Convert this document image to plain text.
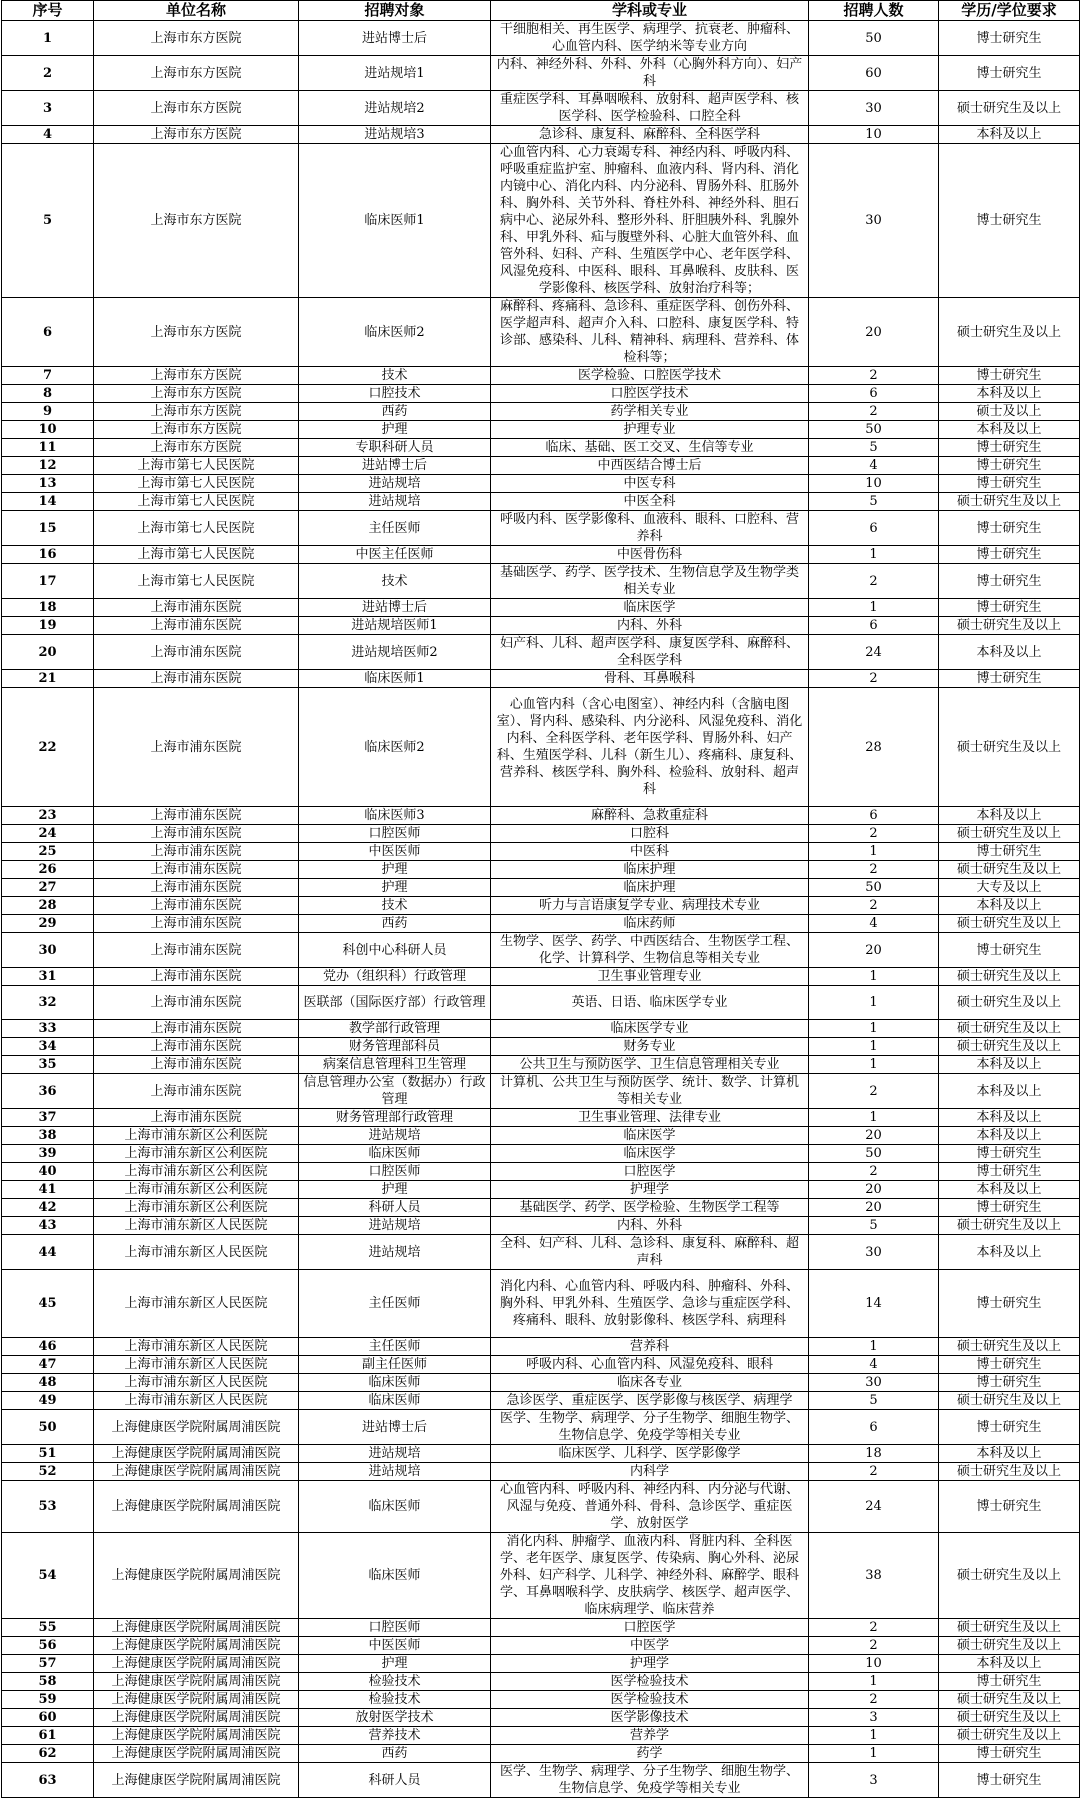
序号	单位名称	招聘对象	学科或专业	招聘人数	学历/学位要求
1	上海市东方医院	进站博士后	干细胞相关、再生医学、病理学、抗衰老、肿瘤科、心血管内科、医学纳米等专业方向	50	博士研究生
2	上海市东方医院	进站规培1	内科、神经外科、外科、外科（心胸外科方向）、妇产科	60	博士研究生
3	上海市东方医院	进站规培2	重症医学科、耳鼻咽喉科、放射科、超声医学科、核医学科、医学检验科、口腔全科	30	硕士研究生及以上
4	上海市东方医院	进站规培3	急诊科、康复科、麻醉科、全科医学科	10	本科及以上
5	上海市东方医院	临床医师1	心血管内科、心力衰竭专科、神经内科、呼吸内科、呼吸重症监护室、肿瘤科、血液内科、肾内科、消化内镜中心、消化内科、内分泌科、胃肠外科、肛肠外科、胸外科、关节外科、脊柱外科、神经外科、胆石病中心、泌尿外科、整形外科、肝胆胰外科、乳腺外科、甲乳外科、疝与腹壁外科、心脏大血管外科、血管外科、妇科、产科、生殖医学中心、老年医学科、风湿免疫科、中医科、眼科、耳鼻喉科、皮肤科、医学影像科、核医学科、放射治疗科等；	30	博士研究生
6	上海市东方医院	临床医师2	麻醉科、疼痛科、急诊科、重症医学科、创伤外科、医学超声科、超声介入科、口腔科、康复医学科、特诊部、感染科、儿科、精神科、病理科、营养科、体检科等；	20	硕士研究生及以上
7	上海市东方医院	技术	医学检验、口腔医学技术	2	博士研究生
8	上海市东方医院	口腔技术	口腔医学技术	6	本科及以上
9	上海市东方医院	西药	药学相关专业	2	硕士及以上
10	上海市东方医院	护理	护理专业	50	本科及以上
11	上海市东方医院	专职科研人员	临床、基础、医工交叉、生信等专业	5	博士研究生
12	上海市第七人民医院	进站博士后	中西医结合博士后	4	博士研究生
13	上海市第七人民医院	进站规培	中医专科	10	博士研究生
14	上海市第七人民医院	进站规培	中医全科	5	硕士研究生及以上
15	上海市第七人民医院	主任医师	呼吸内科、医学影像科、血液科、眼科、口腔科、营养科	6	博士研究生
16	上海市第七人民医院	中医主任医师	中医骨伤科	1	博士研究生
17	上海市第七人民医院	技术	基础医学、药学、医学技术、生物信息学及生物学类相关专业	2	博士研究生
18	上海市浦东医院	进站博士后	临床医学	1	博士研究生
19	上海市浦东医院	进站规培医师1	内科、外科	6	硕士研究生及以上
20	上海市浦东医院	进站规培医师2	妇产科、儿科、超声医学科、康复医学科、麻醉科、全科医学科	24	本科及以上
21	上海市浦东医院	临床医师1	骨科、耳鼻喉科	2	博士研究生
22	上海市浦东医院	临床医师2	心血管内科（含心电图室）、神经内科（含脑电图室）、肾内科、感染科、内分泌科、风湿免疫科、消化内科、全科医学科、老年医学科、胃肠外科、妇产科、生殖医学科、儿科（新生儿）、疼痛科、康复科、营养科、核医学科、胸外科、检验科、放射科、超声科	28	硕士研究生及以上
23	上海市浦东医院	临床医师3	麻醉科、急救重症科	6	本科及以上
24	上海市浦东医院	口腔医师	口腔科	2	硕士研究生及以上
25	上海市浦东医院	中医医师	中医科	1	博士研究生
26	上海市浦东医院	护理	临床护理	2	硕士研究生及以上
27	上海市浦东医院	护理	临床护理	50	大专及以上
28	上海市浦东医院	技术	听力与言语康复学专业、病理技术专业	2	本科及以上
29	上海市浦东医院	西药	临床药师	4	硕士研究生及以上
30	上海市浦东医院	科创中心科研人员	生物学、医学、药学、中西医结合、生物医学工程、化学、计算科学、生物信息等相关专业	20	博士研究生
31	上海市浦东医院	党办（组织科）行政管理	卫生事业管理专业	1	硕士研究生及以上
32	上海市浦东医院	医联部（国际医疗部）行政管理	英语、日语、临床医学专业	1	硕士研究生及以上
33	上海市浦东医院	教学部行政管理	临床医学专业	1	硕士研究生及以上
34	上海市浦东医院	财务管理部科员	财务专业	1	硕士研究生及以上
35	上海市浦东医院	病案信息管理科卫生管理	公共卫生与预防医学、卫生信息管理相关专业	1	本科及以上
36	上海市浦东医院	信息管理办公室（数据办）行政管理	计算机、公共卫生与预防医学、统计、数学、计算机等相关专业	2	本科及以上
37	上海市浦东医院	财务管理部行政管理	卫生事业管理、法律专业	1	本科及以上
38	上海市浦东新区公利医院	进站规培	临床医学	20	本科及以上
39	上海市浦东新区公利医院	临床医师	临床医学	50	博士研究生
40	上海市浦东新区公利医院	口腔医师	口腔医学	2	博士研究生
41	上海市浦东新区公利医院	护理	护理学	20	本科及以上
42	上海市浦东新区公利医院	科研人员	基础医学、药学、医学检验、生物医学工程等	20	博士研究生
43	上海市浦东新区人民医院	进站规培	内科、外科	5	硕士研究生及以上
44	上海市浦东新区人民医院	进站规培	全科、妇产科、儿科、急诊科、康复科、麻醉科、超声科	30	本科及以上
45	上海市浦东新区人民医院	主任医师	消化内科、心血管内科、呼吸内科、肿瘤科、外科、胸外科、甲乳外科、生殖医学、急诊与重症医学科、疼痛科、眼科、放射影像科、核医学科、病理科	14	博士研究生
46	上海市浦东新区人民医院	主任医师	营养科	1	硕士研究生及以上
47	上海市浦东新区人民医院	副主任医师	呼吸内科、心血管内科、风湿免疫科、眼科	4	博士研究生
48	上海市浦东新区人民医院	临床医师	临床各专业	30	博士研究生
49	上海市浦东新区人民医院	临床医师	急诊医学、重症医学、医学影像与核医学、病理学	5	硕士研究生及以上
50	上海健康医学院附属周浦医院	进站博士后	医学、生物学、病理学、分子生物学、细胞生物学、生物信息学、免疫学等相关专业	6	博士研究生
51	上海健康医学院附属周浦医院	进站规培	临床医学、儿科学、医学影像学	18	本科及以上
52	上海健康医学院附属周浦医院	进站规培	内科学	2	硕士研究生及以上
53	上海健康医学院附属周浦医院	临床医师	心血管内科、呼吸内科、神经内科、内分泌与代谢、风湿与免疫、普通外科、骨科、急诊医学、重症医学、放射医学	24	博士研究生
54	上海健康医学院附属周浦医院	临床医师	消化内科、肿瘤学、血液内科、肾脏内科、全科医学、老年医学、康复医学、传染病、胸心外科、泌尿外科、妇产科学、儿科学、神经外科、麻醉学、眼科学、耳鼻咽喉科学、皮肤病学、核医学、超声医学、临床病理学、临床营养	38	硕士研究生及以上
55	上海健康医学院附属周浦医院	口腔医师	口腔医学	2	硕士研究生及以上
56	上海健康医学院附属周浦医院	中医医师	中医学	2	硕士研究生及以上
57	上海健康医学院附属周浦医院	护理	护理学	10	本科及以上
58	上海健康医学院附属周浦医院	检验技术	医学检验技术	1	博士研究生
59	上海健康医学院附属周浦医院	检验技术	医学检验技术	2	硕士研究生及以上
60	上海健康医学院附属周浦医院	放射医学技术	医学影像技术	3	硕士研究生及以上
61	上海健康医学院附属周浦医院	营养技术	营养学	1	硕士研究生及以上
62	上海健康医学院附属周浦医院	西药	药学	1	博士研究生
63	上海健康医学院附属周浦医院	科研人员	医学、生物学、病理学、分子生物学、细胞生物学、生物信息学、免疫学等相关专业	3	博士研究生
